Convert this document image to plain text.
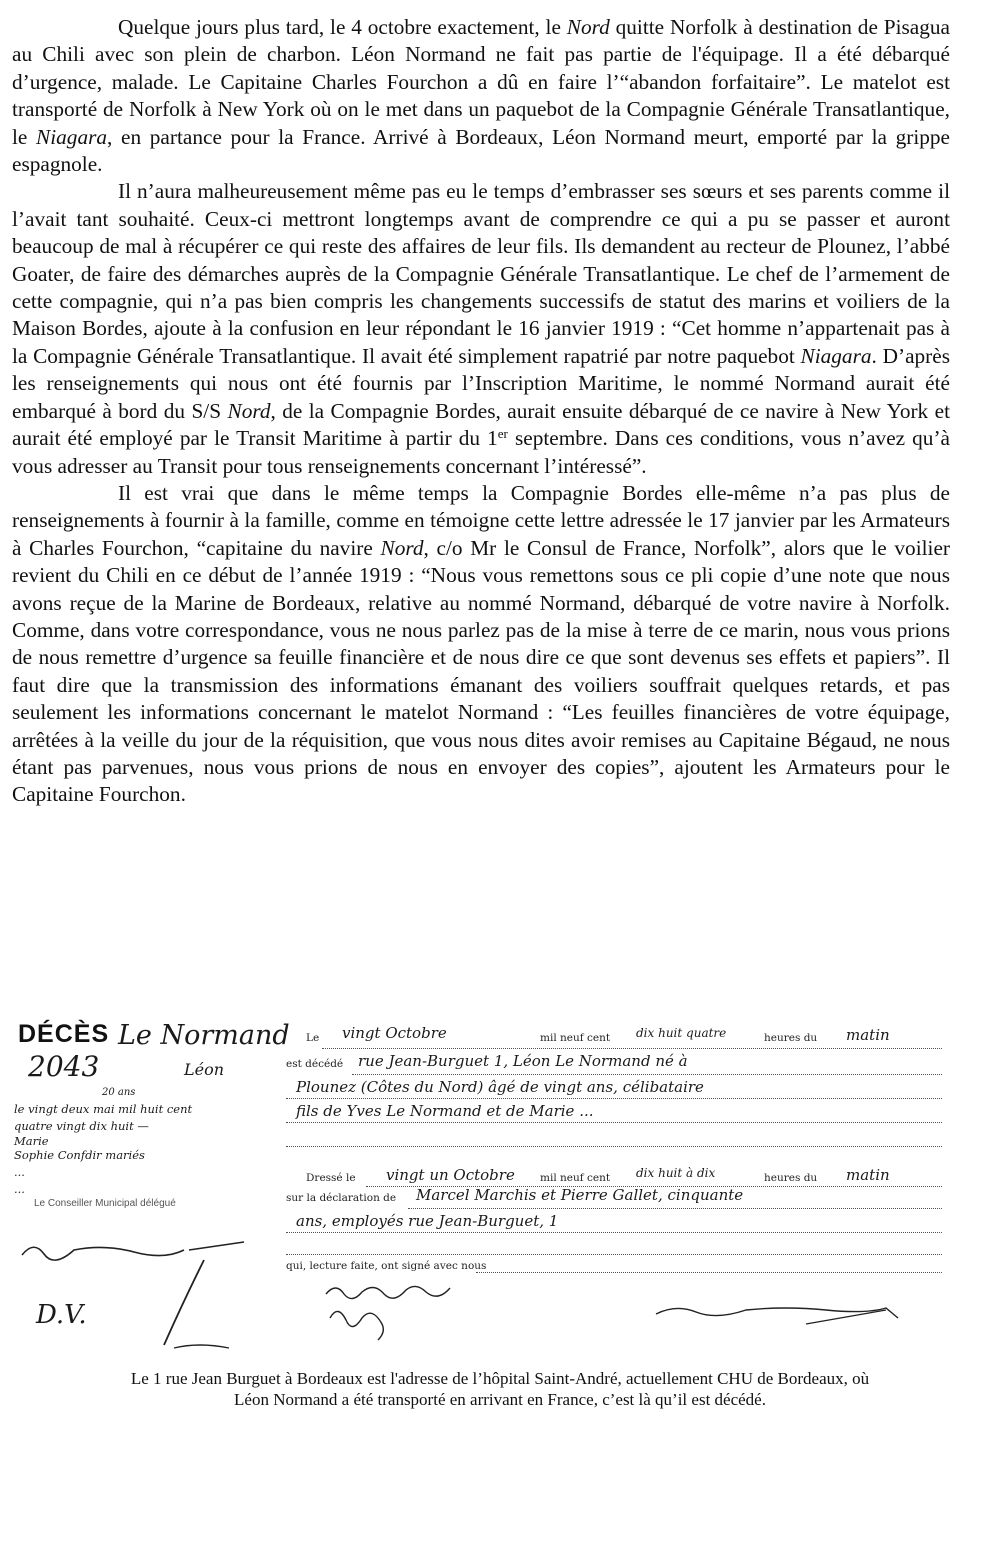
Quelque jours plus tard, le 4 octobre exactement, le Nord quitte Norfolk à destination de Pisagua au Chili avec son plein de charbon. Léon Normand ne fait pas partie de l'équipage. Il a été débarqué d’urgence, malade. Le Capitaine Charles Fourchon a dû en faire l’“abandon forfaitaire”. Le matelot est transporté de Norfolk à New York où on le met dans un paquebot de la Compagnie Générale Transatlantique, le Niagara, en partance pour la France. Arrivé à Bordeaux, Léon Normand meurt, emporté par la grippe espagnole.

Il n’aura malheureusement même pas eu le temps d’embrasser ses sœurs et ses parents comme il l’avait tant souhaité. Ceux-ci mettront longtemps avant de comprendre ce qui a pu se passer et auront beaucoup de mal à récupérer ce qui reste des affaires de leur fils. Ils demandent au recteur de Plounez, l’abbé Goater, de faire des démarches auprès de la Compagnie Générale Transatlantique. Le chef de l’armement de cette compagnie, qui n’a pas bien compris les changements successifs de statut des marins et voiliers de la Maison Bordes, ajoute à la confusion en leur répondant le 16 janvier 1919 : “Cet homme n’appartenait pas à la Compagnie Générale Transatlantique. Il avait été simplement rapatrié par notre paquebot Niagara. D’après les renseignements qui nous ont été fournis par l’Inscription Maritime, le nommé Normand aurait été embarqué à bord du S/S Nord, de la Compagnie Bordes, aurait ensuite débarqué de ce navire à New York et aurait été employé par le Transit Maritime à partir du 1er septembre. Dans ces conditions, vous n’avez qu’à vous adresser au Transit pour tous renseignements concernant l’intéressé”.

Il est vrai que dans le même temps la Compagnie Bordes elle-même n’a pas plus de renseignements à fournir à la famille, comme en témoigne cette lettre adressée le 17 janvier par les Armateurs à Charles Fourchon, “capitaine du navire Nord, c/o Mr le Consul de France, Norfolk”, alors que le voilier revient du Chili en ce début de l’année 1919 : “Nous vous remettons sous ce pli copie d’une note que nous avons reçue de la Marine de Bordeaux, relative au nommé Normand, débarqué de votre navire à Norfolk. Comme, dans votre correspondance, vous ne nous parlez pas de la mise à terre de ce marin, nous vous prions de nous remettre d’urgence sa feuille financière et de nous dire ce que sont devenus ses effets et papiers”. Il faut dire que la transmission des informations émanant des voiliers souffrait quelques retards, et pas seulement les informations concernant le matelot Normand : “Les feuilles financières de votre équipage, arrêtées à la veille du jour de la réquisition, que vous nous dites avoir remises au Capitaine Bégaud, ne nous étant pas parvenues, nous vous prions de nous en envoyer des copies”, ajoutent les Armateurs pour le Capitaine Fourchon.

DÉCÈS Le Normand
2043	Léon
20 ans
le vingt deux mai mil huit cent
quatre vingt dix huit —
Marie
Sophie Confdir mariés
...
...
Le Conseiller Municipal délégué
D.V.
Le vingt Octobre	mil neuf cent dix huit quatre	heures du matin
est décédé rue Jean-Burguet 1, Léon Le Normand né à
Plounez (Côtes du Nord) âgé de vingt ans, célibataire
fils de Yves Le Normand et de Marie ...
Dressé le vingt un Octobre mil neuf cent dix huit à dix	heures du matin
sur la déclaration de Marcel Marchis et Pierre Gallet, cinquante
ans, employés rue Jean-Burguet, 1
qui, lecture faite, ont signé avec nous
Le 1 rue Jean Burguet à Bordeaux est l'adresse de l’hôpital Saint-André, actuellement CHU de Bordeaux, où
Léon Normand a été transporté en arrivant en France, c’est là qu’il est décédé.
